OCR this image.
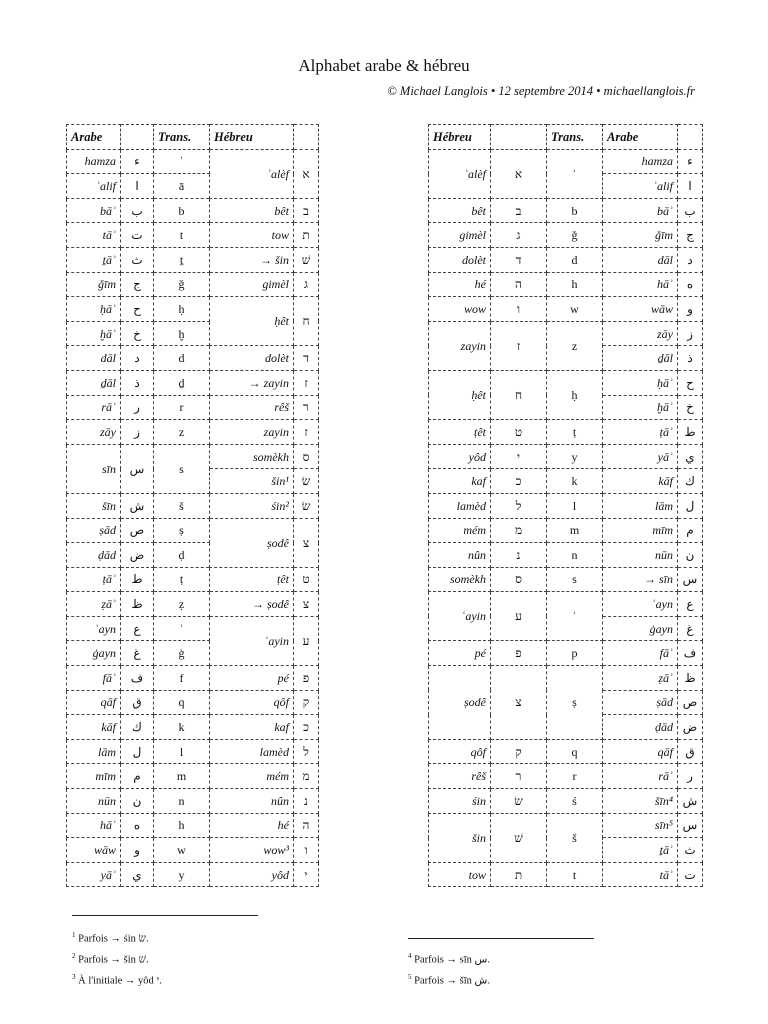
Alphabet arabe & hébreu
© Michael Langlois • 12 septembre 2014 • michaellanglois.fr
Arabe		Trans.	Hébreu	
hamza	ء	ʾ	ʾalèf	א
ʾalif	ا	ā		
bāʾ	ب	b	bêt	ב
tāʾ	ت	t	tow	ת
ṯāʾ	ث	ṯ	→ šin	שׁ
ǧīm	ج	ǧ	gimèl	ג
ḥāʾ	ح	ḥ	ḥêt	ח
ḫāʾ	خ	ḫ		
dāl	د	d	dolèt	ד
ḏāl	ذ	ḏ	→ zayin	ז
rāʾ	ر	r	rêš	ר
zāy	ز	z	zayin	ז
sīn	س	s	somèkh	ס
			šin¹	שׂ
šīn	ش	š	śin²	שׂ
ṣād	ص	ṣ	ṣodê	צ
ḍād	ض	ḍ		
ṭāʾ	ط	ṭ	ṭêt	ט
ẓāʾ	ظ	ẓ	→ ṣodê	צ
ʿayn	ع	ʿ	ʿayin	ע
ġayn	غ	ġ		
fāʾ	ف	f	pé	פ
qāf	ق	q	qôf	ק
kāf	ك	k	kaf	כ
lām	ل	l	lamèd	ל
mīm	م	m	mém	מ
nūn	ن	n	nûn	נ
hāʾ	ه	h	hé	ה
wāw	و	w	wow³	ו
yāʾ	ي	y	yôd	י
Hébreu		Trans.	Arabe	
ʾalèf	א	ʾ	hamza	ء
			ʾalif	ا
bêt	ב	b	bāʾ	ب
gimèl	ג	ǧ	ǧīm	ج
dolèt	ד	d	dāl	د
hé	ה	h	hāʾ	ه
wow	ו	w	wāw	و
zayin	ז	z	zāy	ز
			ḏāl	ذ
ḥêt	ח	ḥ	ḥāʾ	ح
			ḫāʾ	خ
ṭêt	ט	ṭ	ṭāʾ	ط
yôd	י	y	yāʾ	ي
kaf	כ	k	kāf	ك
lamèd	ל	l	lām	ل
mém	מ	m	mīm	م
nûn	נ	n	nūn	ن
somèkh	ס	s	→ sīn	س
ʿayin	ע	ʿ	ʿayn	ع
			ġayn	غ
pé	פ	p	fāʾ	ف
ṣodê	צ	ṣ	ẓāʾ	ظ
			ṣād	ص
			ḍād	ض
qôf	ק	q	qāf	ق
rêš	ר	r	rāʾ	ر
śin	שׂ	ś	šīn⁴	ش
šin	שׁ	š	sīn⁵	س
			ṯāʾ	ث
tow	ת	t	tāʾ	ت
$^1$ Parfois → śin שׂ.
$^2$ Parfois → šin שׁ.
$^3$ À l'initiale → yôd י.
$^4$ Parfois → sīn س.
$^5$ Parfois → šīn ش.
